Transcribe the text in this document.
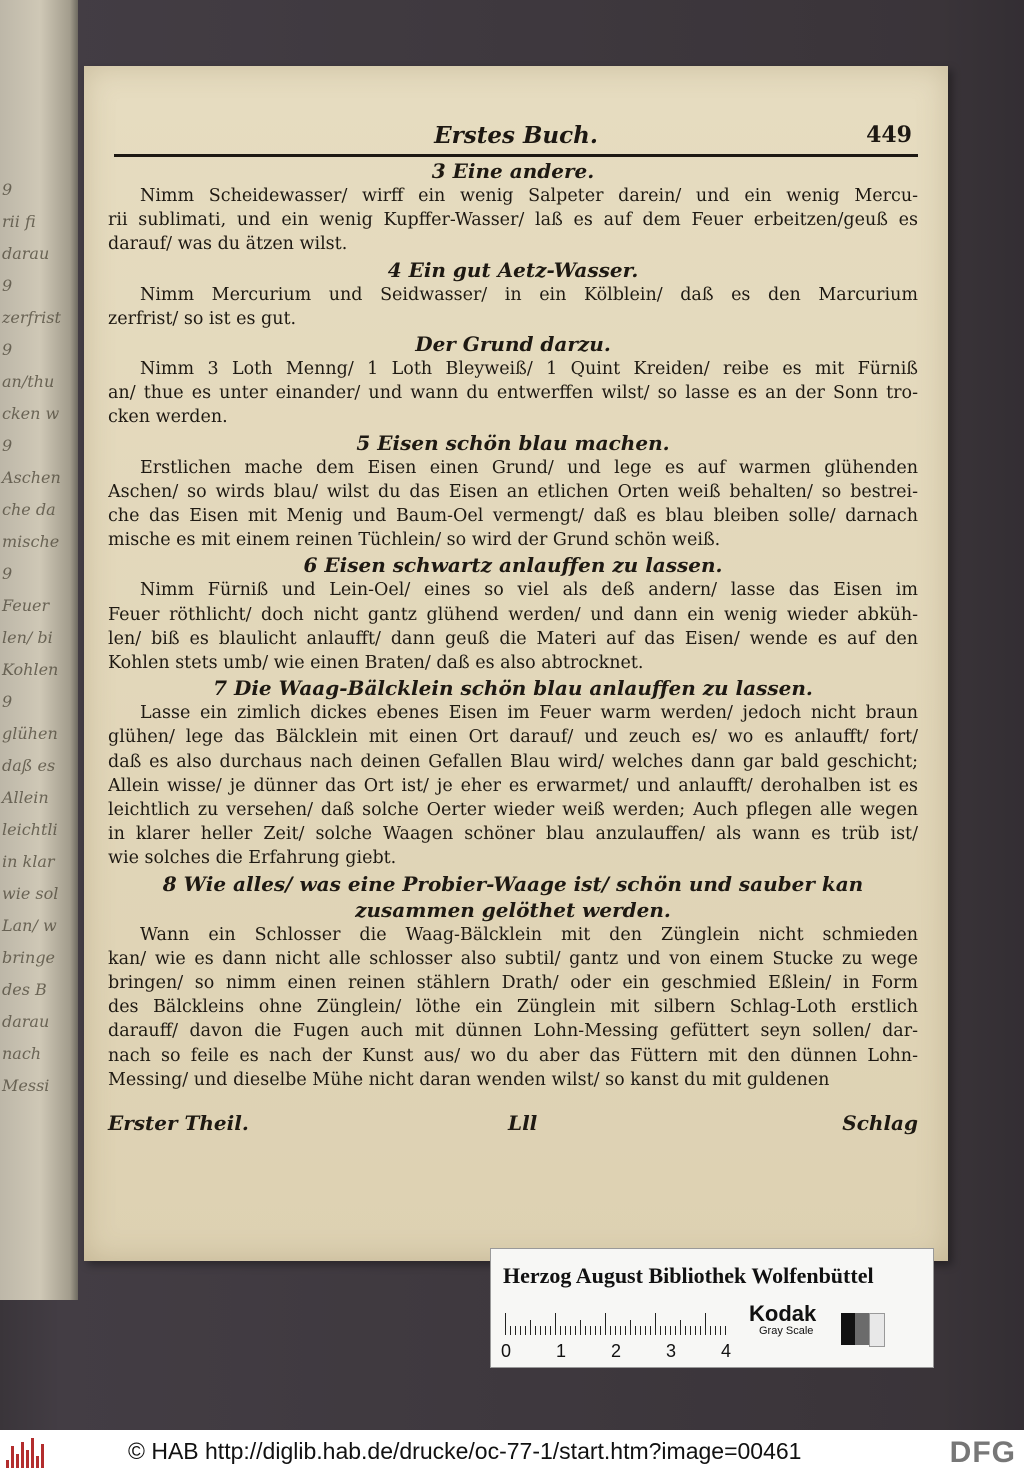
9
rii fi
darau
9
zerfrist
9
an/thu
cken w
9
Aschen
che da
mische
9
Feuer
len/ bi
Kohlen
9
glühen
daß es
Allein
leichtli
in klar
wie sol
Lan/ w
bringe
des B
darau
nach
Messi
Erstes Buch.	449
3 Eine andere.
Nimm Scheidewasser/ wirff ein wenig Salpeter darein/ und ein wenig Mercu-
rii sublimati, und ein wenig Kupffer-Wasser/ laß es auf dem Feuer erbeitzen/geuß es
darauf/ was du ätzen wilst.
4 Ein gut Aetz-Wasser.
Nimm Mercurium und Seidwasser/ in ein Kölblein/ daß es den Marcurium
zerfrist/ so ist es gut.
Der Grund darzu.
Nimm 3 Loth Menng/ 1 Loth Bleyweiß/ 1 Quint Kreiden/ reibe es mit Fürniß
an/ thue es unter einander/ und wann du entwerffen wilst/ so lasse es an der Sonn tro-
cken werden.
5 Eisen schön blau machen.
Erstlichen mache dem Eisen einen Grund/ und lege es auf warmen glühenden
Aschen/ so wirds blau/ wilst du das Eisen an etlichen Orten weiß behalten/ so bestrei-
che das Eisen mit Menig und Baum-Oel vermengt/ daß es blau bleiben solle/ darnach
mische es mit einem reinen Tüchlein/ so wird der Grund schön weiß.
6 Eisen schwartz anlauffen zu lassen.
Nimm Fürniß und Lein-Oel/ eines so viel als deß andern/ lasse das Eisen im
Feuer röthlicht/ doch nicht gantz glühend werden/ und dann ein wenig wieder abküh-
len/ biß es blaulicht anlaufft/ dann geuß die Materi auf das Eisen/ wende es auf den
Kohlen stets umb/ wie einen Braten/ daß es also abtrocknet.
7 Die Waag-Bälcklein schön blau anlauffen zu lassen.
Lasse ein zimlich dickes ebenes Eisen im Feuer warm werden/ jedoch nicht braun
glühen/ lege das Bälcklein mit einen Ort darauf/ und zeuch es/ wo es anlaufft/ fort/
daß es also durchaus nach deinen Gefallen Blau wird/ welches dann gar bald geschicht;
Allein wisse/ je dünner das Ort ist/ je eher es erwarmet/ und anlaufft/ derohalben ist es
leichtlich zu versehen/ daß solche Oerter wieder weiß werden; Auch pflegen alle wegen
in klarer heller Zeit/ solche Waagen schöner blau anzulauffen/ als wann es trüb ist/
wie solches die Erfahrung giebt.
8 Wie alles/ was eine Probier-Waage ist/ schön und sauber kan
zusammen gelöthet werden.
Wann ein Schlosser die Waag-Bälcklein mit den Zünglein nicht schmieden
kan/ wie es dann nicht alle schlosser also subtil/ gantz und von einem Stucke zu wege
bringen/ so nimm einen reinen stählern Drath/ oder ein geschmied Eßlein/ in Form
des Bälckleins ohne Zünglein/ löthe ein Zünglein mit silbern Schlag-Loth erstlich
darauff/ davon die Fugen auch mit dünnen Lohn-Messing gefüttert seyn sollen/ dar-
nach so feile es nach der Kunst aus/ wo du aber das Füttern mit den dünnen Lohn-
Messing/ und dieselbe Mühe nicht daran wenden wilst/ so kanst du mit guldenen
Erster Theil.	Lll	Schlag
Herzog August Bibliothek Wolfenbüttel
0 1 2 3 4
Kodak
Gray Scale
© HAB http://diglib.hab.de/drucke/oc-77-1/start.htm?image=00461	DFG
